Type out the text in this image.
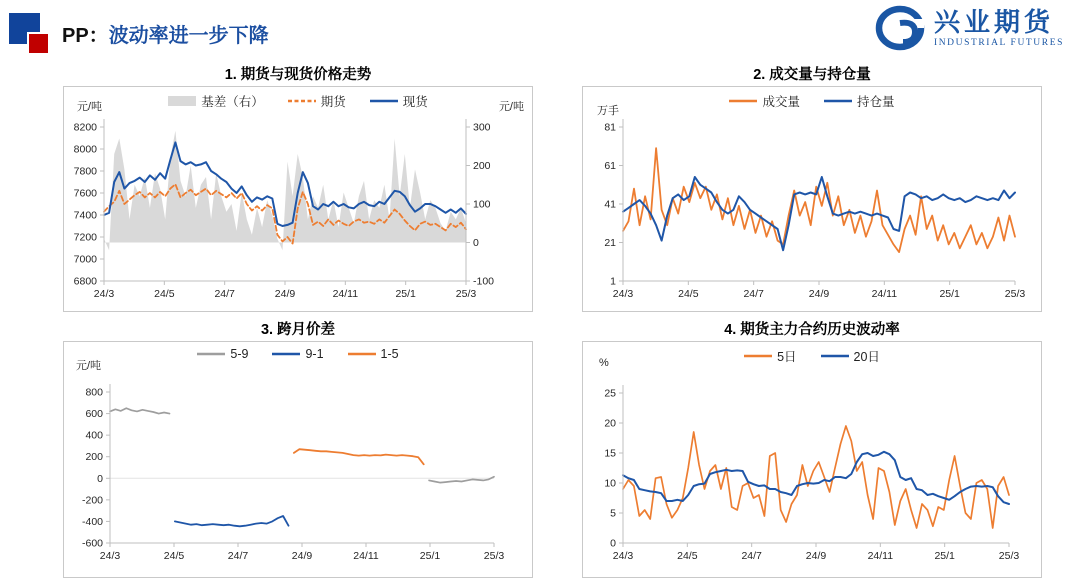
PP：波动率进一步下降	兴业期货
INDUSTRIAL FUTURES
1. 期货与现货价格走势	2. 成交量与持仓量
3. 跨月价差	4. 期货主力合约历史波动率
6800
7000
7200
7400
7600
7800
8000
8200
-100
0
100
200
300
24/3	24/5	24/7	24/9	24/11	25/1	25/3
元/吨	元/吨
基差（右）	期货	现货
1
21
41
61
81
24/3	24/5	24/7	24/9	24/11	25/1	25/3
万手
成交量	持仓量
-600
-400
-200
0
200
400
600
800
24/3	24/5	24/7	24/9	24/11	25/1	25/3
元/吨
5-9	9-1	1-5
0
5
10
15
20
25
24/3	24/5	24/7	24/9	24/11	25/1	25/3
%	5日	20日
